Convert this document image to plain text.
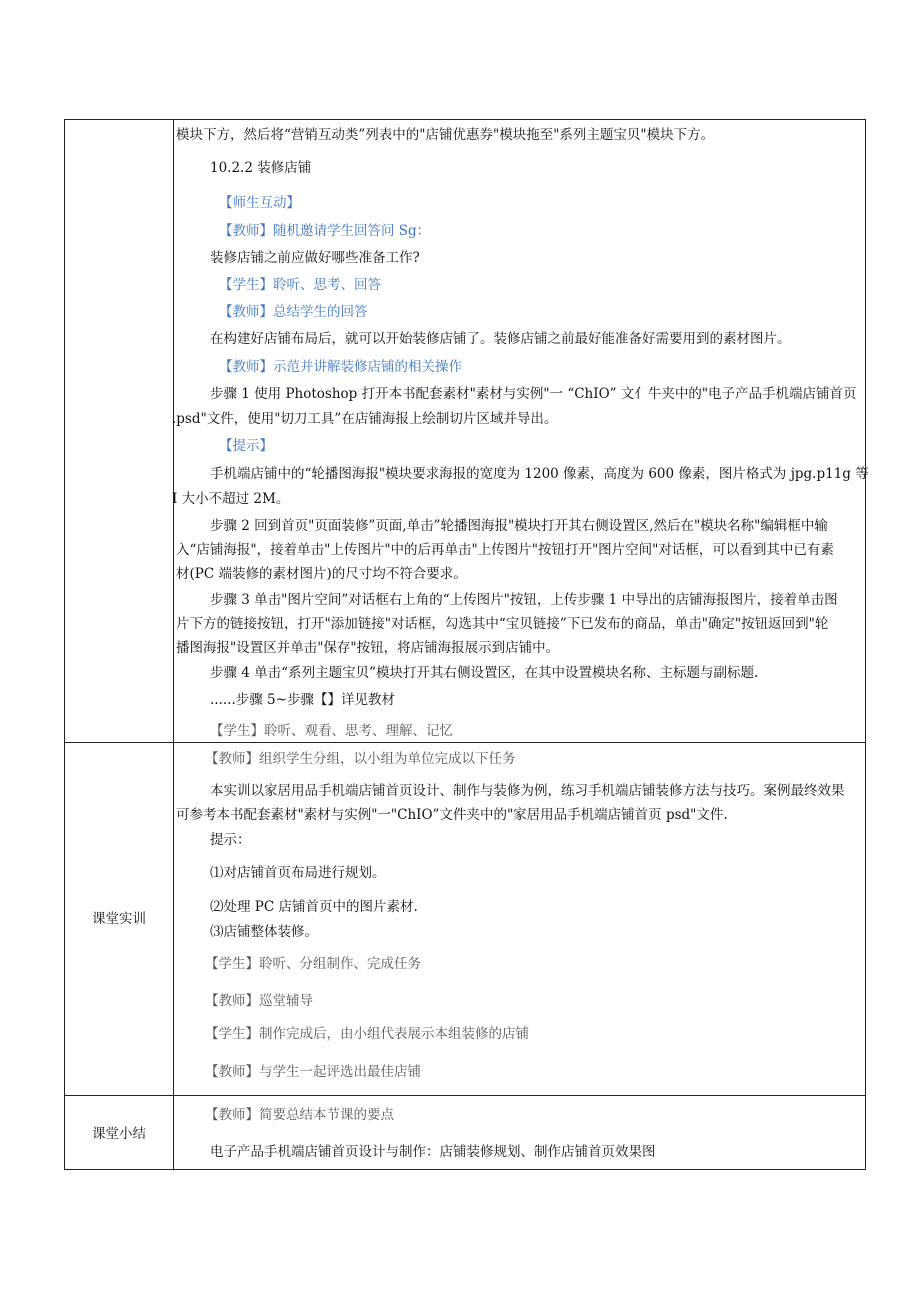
模块下方，然后将“营销互动类”列表中的"店铺优惠券"模块拖至"系列主题宝贝"模块下方。
10.2.2 装修店铺
【师生互动】
【教师】随机邀请学生回答问 Sg：
装修店铺之前应做好哪些准备工作?
【学生】聆听、思考、回答
【教师】总结学生的回答
在构建好店铺布局后，就可以开始装修店铺了。装修店铺之前最好能准备好需要用到的素材图片。
【教师】示范并讲解装修店铺的相关操作
步骤 1 使用 Photoshop 打开本书配套素材"素材与实例"一 “ChIO” 文亻牛夹中的"电子产品手机端店铺首页
.psd"文件，使用"切刀工具”在店铺海报上绘制切片区域并导出。
【提示】
手机端店铺中的“轮播图海报"模块要求海报的宽度为 1200 像素，高度为 600 像素，图片格式为 jpg.p11g 等
I 大小不超过 2M。
步骤 2 回到首页"页面装修”页面,单击”轮播图海报"模块打开其右侧设置区,然后在"模块名称"编辑框中输
入“店铺海报"，接着单击"上传图片"中的后再单击"上传图片"按钮打开"图片空间"对话框，可以看到其中已有素
材(PC 端装修的素材图片)的尺寸均不符合要求。
步骤 3 单击"图片空间”对话框右上角的“上传图片"按钮，上传步骤 1 中导出的店铺海报图片，接着单击图
片下方的链接按钮，打开"添加链接"对话框，勾选其中“宝贝链接”下已发布的商品，单击"确定"按钮返回到"轮
播图海报"设置区并单击"保存"按钮，将店铺海报展示到店铺中。
步骤 4 单击“系列主题宝贝”模块打开其右侧设置区，在其中设置模块名称、主标题与副标题.
......步骤 5~步骤【】详见教材
【学生】聆听、观看、思考、理解、记忆
课堂实训
【教师】组织学生分组，以小组为单位完成以下任务
本实训以家居用品手机端店铺首页设计、制作与装修为例，练习手机端店铺装修方法与技巧。案例最终效果
可参考本书配套素材"素材与实例"一"ChIO”文件夹中的"家居用品手机端店铺首页 psd"文件.
提示：
⑴对店铺首页布局进行规划。
⑵处理 PC 店铺首页中的图片素材.
⑶店铺整体装修。
【学生】聆听、分组制作、完成任务
【教师】巡堂辅导
【学生】制作完成后，由小组代表展示本组装修的店铺
【教师】与学生一起评选出最佳店铺
课堂小结
【教师】简要总结本节课的要点
电子产品手机端店铺首页设计与制作：店铺装修规划、制作店铺首页效果图
